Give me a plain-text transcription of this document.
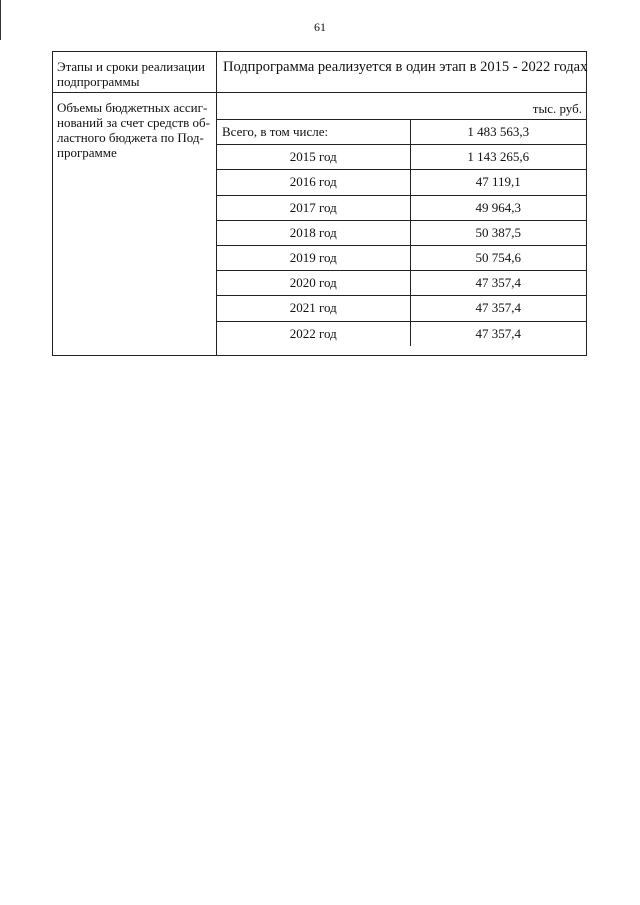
61
Этапы и сроки реализации подпрограммы
Подпрограмма реализуется в один этап в 2015 - 2022 годах
Объемы бюджетных ассиг-нований за счет средств об-ластного бюджета по Под-программе
тыс. руб.
Всего, в том числе:	1 483 563,3
2015 год	1 143 265,6
2016 год	47 119,1
2017 год	49 964,3
2018 год	50 387,5
2019 год	50 754,6
2020 год	47 357,4
2021 год	47 357,4
2022 год	47 357,4
